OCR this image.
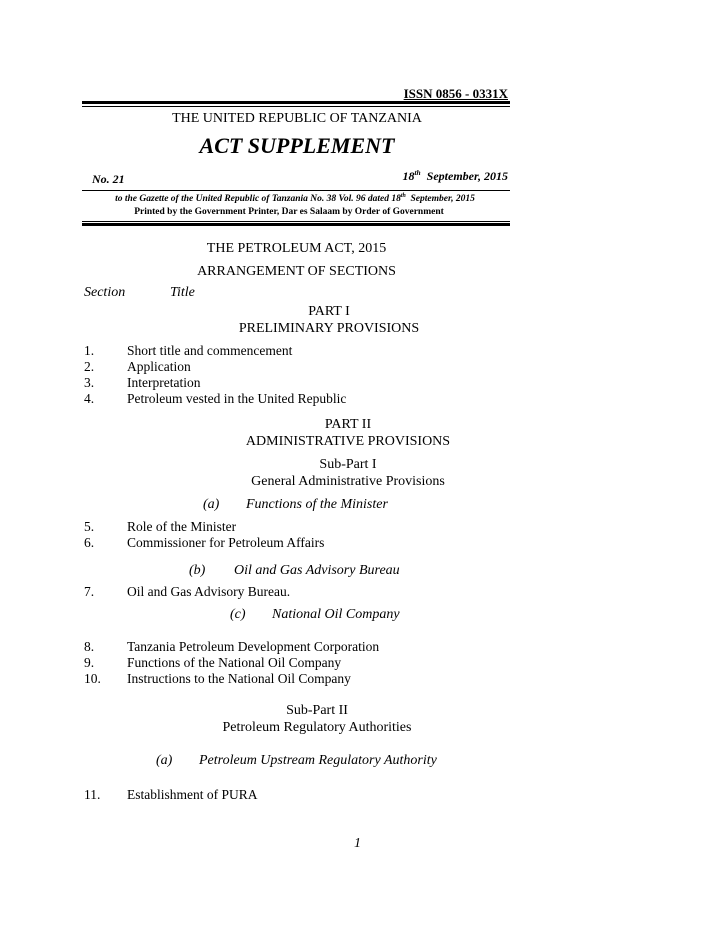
ISSN 0856 - 0331X
THE UNITED REPUBLIC OF TANZANIA
ACT SUPPLEMENT
No. 21	18th September, 2015
to the Gazette of the United Republic of Tanzania No. 38 Vol. 96 dated 18th September, 2015
Printed by the Government Printer, Dar es Salaam by Order of Government
THE PETROLEUM ACT, 2015
ARRANGEMENT OF SECTIONS
Section	Title
PART I
PRELIMINARY PROVISIONS
1. Short title and commencement
2. Application
3. Interpretation
4. Petroleum vested in the United Republic
PART II
ADMINISTRATIVE PROVISIONS
Sub-Part I
General Administrative Provisions
(a) Functions of the Minister
5. Role of the Minister
6. Commissioner for Petroleum Affairs
(b) Oil and Gas Advisory Bureau
7. Oil and Gas Advisory Bureau.
(c) National Oil Company
8. Tanzania Petroleum Development Corporation
9. Functions of the National Oil Company
10. Instructions to the National Oil Company
Sub-Part II
Petroleum Regulatory Authorities
(a) Petroleum Upstream Regulatory Authority
11. Establishment of PURA
1
